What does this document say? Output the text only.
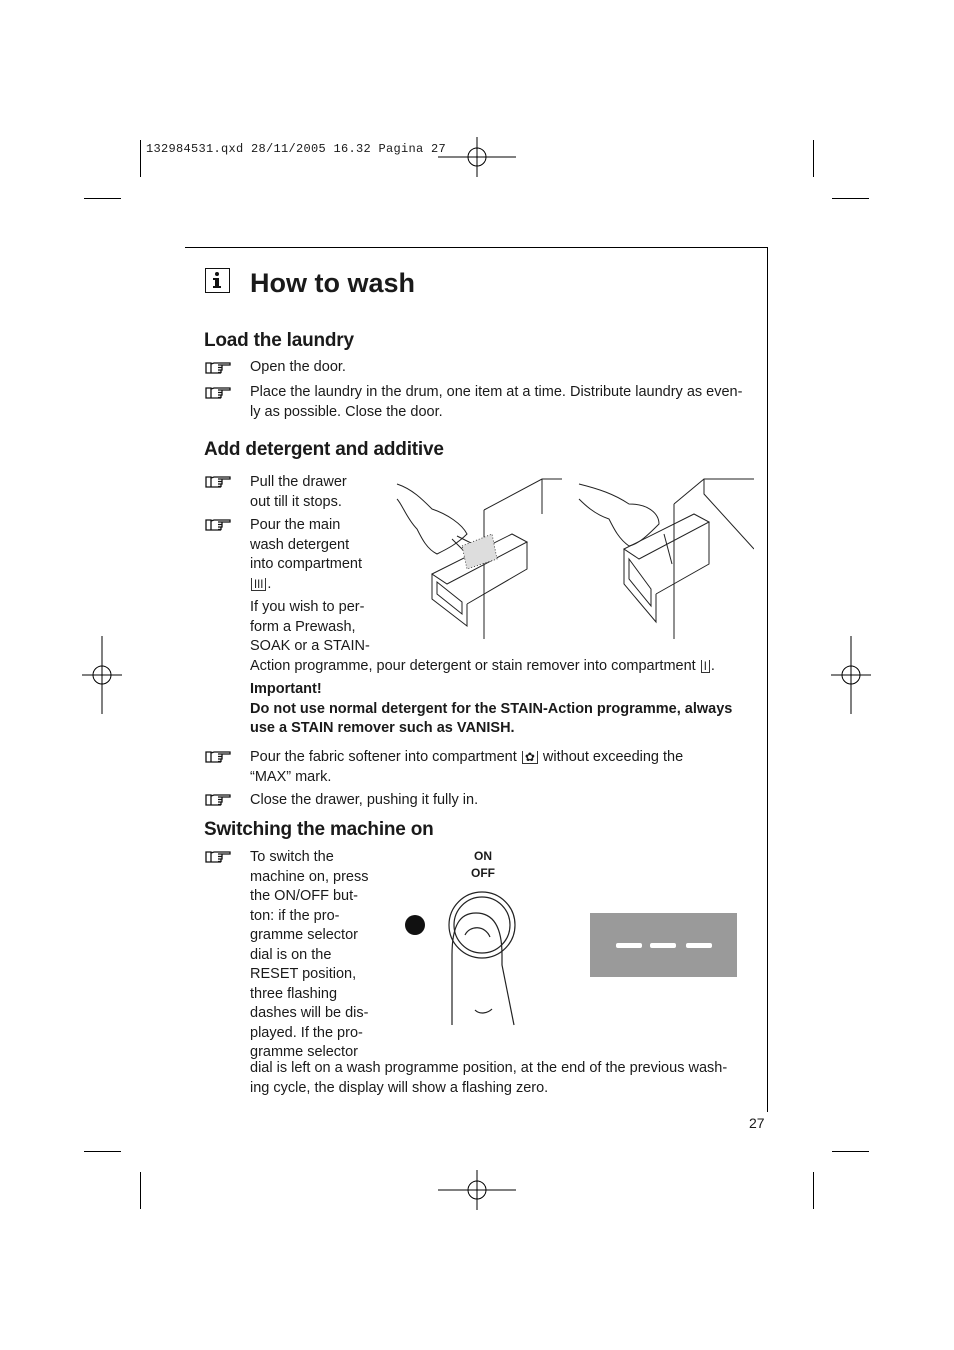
132984531.qxd 28/11/2005 16.32 Pagina 27
How to wash
Load the laundry
Open the door.
Place the laundry in the drum, one item at a time. Distribute laundry as even-
ly as possible. Close the door.
Add detergent and additive
Pull the drawer
out till it stops.
Pour the main
wash detergent
into compartment
ǀǀǀ .
If you wish to per-
form a Prewash,
SOAK or a STAIN-
Action programme, pour detergent or stain remover into compartment ǀ .
Important!
Do not use normal detergent for the STAIN-Action programme, always
use a STAIN remover such as VANISH.
Pour the fabric softener into compartment ✿ without exceeding the
“MAX” mark.
Close the drawer, pushing it fully in.
Switching the machine on
To switch the
machine on, press
the ON/OFF but-
ton: if the pro-
gramme selector
dial is on the
RESET position,
three flashing
dashes will be dis-
played. If the pro-
gramme selector
dial is left on a wash programme position, at the end of the previous wash-
ing cycle, the display will show a flashing zero.
ON
OFF
27
